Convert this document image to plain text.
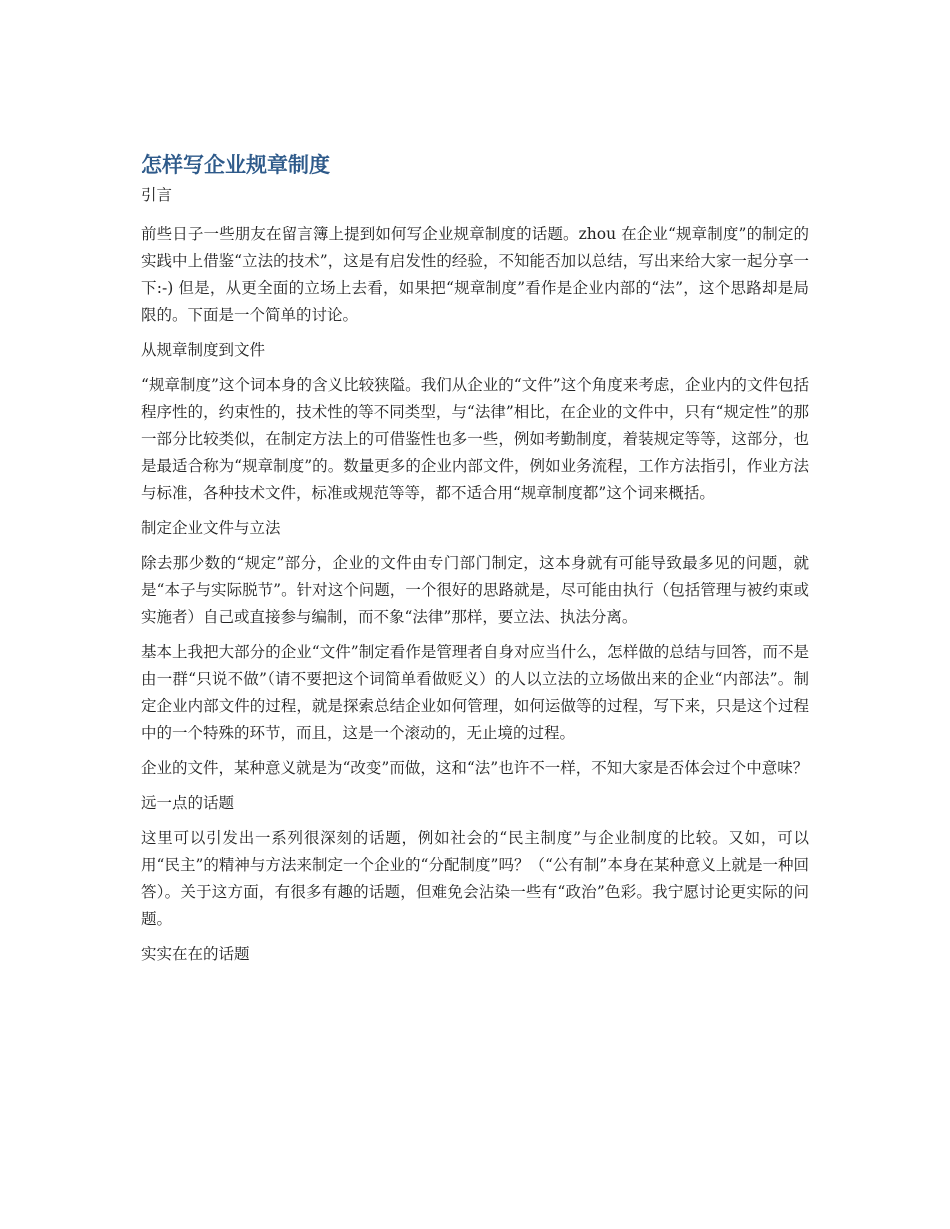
怎样写企业规章制度
引言

前些日子一些朋友在留言簿上提到如何写企业规章制度的话题。zhou 在企业“规章制度”的制定的实践中上借鉴“立法的技术”，这是有启发性的经验，不知能否加以总结，写出来给大家一起分享一下:-) 但是，从更全面的立场上去看，如果把“规章制度”看作是企业内部的“法”，这个思路却是局限的。下面是一个简单的讨论。

从规章制度到文件

“规章制度”这个词本身的含义比较狭隘。我们从企业的“文件”这个角度来考虑，企业内的文件包括程序性的，约束性的，技术性的等不同类型，与“法律”相比，在企业的文件中，只有“规定性”的那一部分比较类似，在制定方法上的可借鉴性也多一些，例如考勤制度，着装规定等等，这部分，也是最适合称为“规章制度”的。数量更多的企业内部文件，例如业务流程，工作方法指引，作业方法与标准，各种技术文件，标准或规范等等，都不适合用“规章制度都”这个词来概括。

制定企业文件与立法

除去那少数的“规定”部分，企业的文件由专门部门制定，这本身就有可能导致最多见的问题，就是“本子与实际脱节”。针对这个问题，一个很好的思路就是，尽可能由执行（包括管理与被约束或实施者）自己或直接参与编制，而不象“法律”那样，要立法、执法分离。

基本上我把大部分的企业“文件”制定看作是管理者自身对应当什么，怎样做的总结与回答，而不是由一群“只说不做”（请不要把这个词简单看做贬义）的人以立法的立场做出来的企业“内部法”。制定企业内部文件的过程，就是探索总结企业如何管理，如何运做等的过程，写下来，只是这个过程中的一个特殊的环节，而且，这是一个滚动的，无止境的过程。

企业的文件，某种意义就是为“改变”而做，这和“法”也许不一样，不知大家是否体会过个中意味？

远一点的话题

这里可以引发出一系列很深刻的话题，例如社会的“民主制度”与企业制度的比较。又如，可以用“民主”的精神与方法来制定一个企业的“分配制度”吗？（“公有制”本身在某种意义上就是一种回答）。关于这方面，有很多有趣的话题，但难免会沾染一些有“政治”色彩。我宁愿讨论更实际的问题。

实实在在的话题
